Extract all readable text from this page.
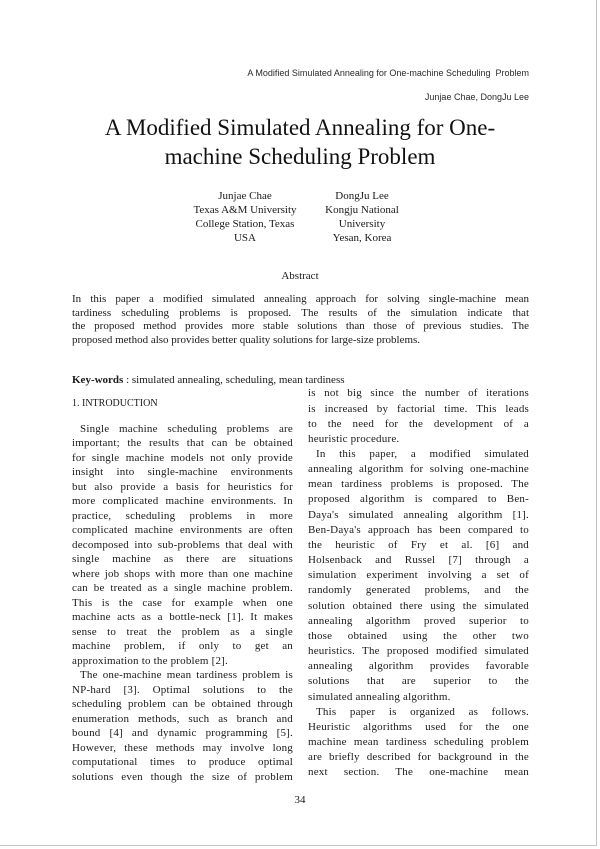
A Modified Simulated Annealing for One-machine Scheduling  Problem
Junjae Chae, DongJu Lee
A Modified Simulated Annealing for One-
machine Scheduling Problem
Junjae Chae
Texas A&M University
College Station, Texas
USA
DongJu Lee
Kongju National
University
Yesan, Korea
Abstract
In this paper a modified simulated annealing approach for solving single-machine mean
tardiness scheduling problems is proposed. The results of the simulation indicate that
the proposed method provides more stable solutions than those of previous studies. The
proposed method also provides better quality solutions for large-size problems.
Key-words : simulated annealing, scheduling, mean tardiness
1. INTRODUCTION
Single machine scheduling problems are
important; the results that can be obtained
for single machine models not only provide
insight into single-machine environments
but also provide a basis for heuristics for
more complicated machine environments. In
practice, scheduling problems in more
complicated machine environments are often
decomposed into sub-problems that deal with
single machine as there are situations
where job shops with more than one machine
can be treated as a single machine problem.
This is the case for example when one
machine acts as a bottle-neck [1]. It makes
sense to treat the problem as a single
machine problem, if only to get an
approximation to the problem [2].
The one-machine mean tardiness problem is
NP-hard [3]. Optimal solutions to the
scheduling problem can be obtained through
enumeration methods, such as branch and
bound [4] and dynamic programming [5].
However, these methods may involve long
computational times to produce optimal
solutions even though the size of problem
is not big since the number of iterations
is increased by factorial time. This leads
to the need for the development of a
heuristic procedure.
In this paper, a modified simulated
annealing algorithm for solving one-machine
mean tardiness problems is proposed. The
proposed algorithm is compared to Ben-
Daya's simulated annealing algorithm [1].
Ben-Daya's approach has been compared to
the heuristic of Fry et al. [6] and
Holsenback and Russel [7] through a
simulation experiment involving a set of
randomly generated problems, and the
solution obtained there using the simulated
annealing algorithm proved superior to
those obtained using the other two
heuristics. The proposed modified simulated
annealing algorithm provides favorable
solutions that are superior to the
simulated annealing algorithm.
This paper is organized as follows.
Heuristic algorithms used for the one
machine mean tardiness scheduling problem
are briefly described for background in the
next section. The one-machine mean
34
